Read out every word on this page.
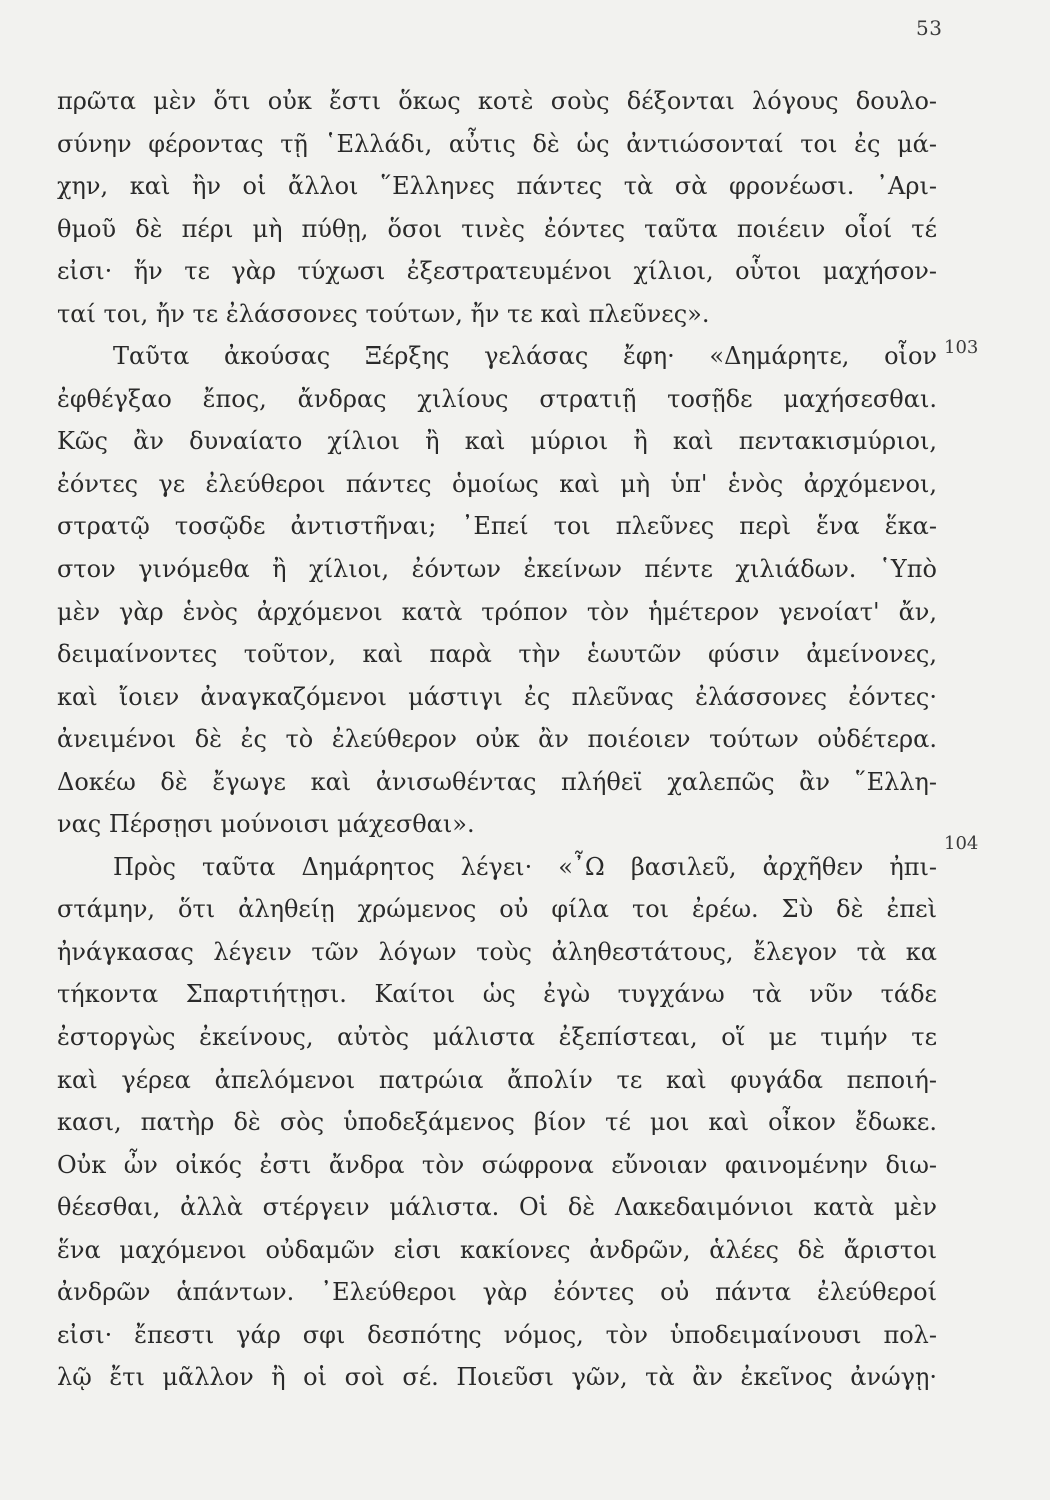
53
πρῶτα μὲν ὅτι οὐκ ἔστι ὅκως κοτὲ σοὺς δέξονται λόγους δουλο-
σύνην φέροντας τῇ ῾Ελλάδι, αὖτις δὲ ὡς ἀντιώσονταί τοι ἐς μά-
χην, καὶ ἢν οἱ ἄλλοι ῞Ελληνες πάντες τὰ σὰ φρονέωσι. ᾿Αρι-
θμοῦ δὲ πέρι μὴ πύθῃ, ὅσοι τινὲς ἐόντες ταῦτα ποιέειν οἷοί τέ
εἰσι· ἥν τε γὰρ τύχωσι ἐξεστρατευμένοι χίλιοι, οὗτοι μαχήσον-
ταί τοι, ἤν τε ἐλάσσονες τούτων, ἤν τε καὶ πλεῦνες».
Ταῦτα ἀκούσας Ξέρξης γελάσας ἔφη· «Δημάρητε, οἷον
ἐφθέγξαο ἔπος, ἄνδρας χιλίους στρατιῇ τοσῇδε μαχήσεσθαι.
Κῶς ἂν δυναίατο χίλιοι ἢ καὶ μύριοι ἢ καὶ πεντακισμύριοι,
ἐόντες γε ἐλεύθεροι πάντες ὁμοίως καὶ μὴ ὑπ' ἑνὸς ἀρχόμενοι,
στρατῷ τοσῷδε ἀντιστῆναι; ᾿Επεί τοι πλεῦνες περὶ ἕνα ἕκα-
στον γινόμεθα ἢ χίλιοι, ἐόντων ἐκείνων πέντε χιλιάδων. ῾Υπὸ
μὲν γὰρ ἑνὸς ἀρχόμενοι κατὰ τρόπον τὸν ἡμέτερον γενοίατ' ἄν,
δειμαίνοντες τοῦτον, καὶ παρὰ τὴν ἑωυτῶν φύσιν ἀμείνονες,
καὶ ἴοιεν ἀναγκαζόμενοι μάστιγι ἐς πλεῦνας ἐλάσσονες ἐόντες·
ἀνειμένοι δὲ ἐς τὸ ἐλεύθερον οὐκ ἂν ποιέοιεν τούτων οὐδέτερα.
Δοκέω δὲ ἔγωγε καὶ ἀνισωθέντας πλήθεϊ χαλεπῶς ἂν ῞Ελλη-
νας Πέρσῃσι μούνοισι μάχεσθαι».
Πρὸς ταῦτα Δημάρητος λέγει· «῏Ω βασιλεῦ, ἀρχῆθεν ἠπι-
στάμην, ὅτι ἀληθείῃ χρώμενος οὐ φίλα τοι ἐρέω. Σὺ δὲ ἐπεὶ
ἠνάγκασας λέγειν τῶν λόγων τοὺς ἀληθεστάτους, ἔλεγον τὰ κα
τήκοντα Σπαρτιήτῃσι. Καίτοι ὡς ἐγὼ τυγχάνω τὰ νῦν τάδε
ἐστοργὼς ἐκείνους, αὐτὸς μάλιστα ἐξεπίστεαι, οἵ με τιμήν τε
καὶ γέρεα ἀπελόμενοι πατρώια ἄπολίν τε καὶ φυγάδα πεποιή-
κασι, πατὴρ δὲ σὸς ὑποδεξάμενος βίον τέ μοι καὶ οἶκον ἔδωκε.
Οὐκ ὦν οἰκός ἐστι ἄνδρα τὸν σώφρονα εὔνοιαν φαινομένην διω-
θέεσθαι, ἀλλὰ στέργειν μάλιστα. Οἱ δὲ Λακεδαιμόνιοι κατὰ μὲν
ἕνα μαχόμενοι οὐδαμῶν εἰσι κακίονες ἀνδρῶν, ἁλέες δὲ ἄριστοι
ἀνδρῶν ἁπάντων. ᾿Ελεύθεροι γὰρ ἐόντες οὐ πάντα ἐλεύθεροί
εἰσι· ἔπεστι γάρ σφι δεσπότης νόμος, τὸν ὑποδειμαίνουσι πολ-
λῷ ἔτι μᾶλλον ἢ οἱ σοὶ σέ. Ποιεῦσι γῶν, τὰ ἂν ἐκεῖνος ἀνώγῃ·
103
104
